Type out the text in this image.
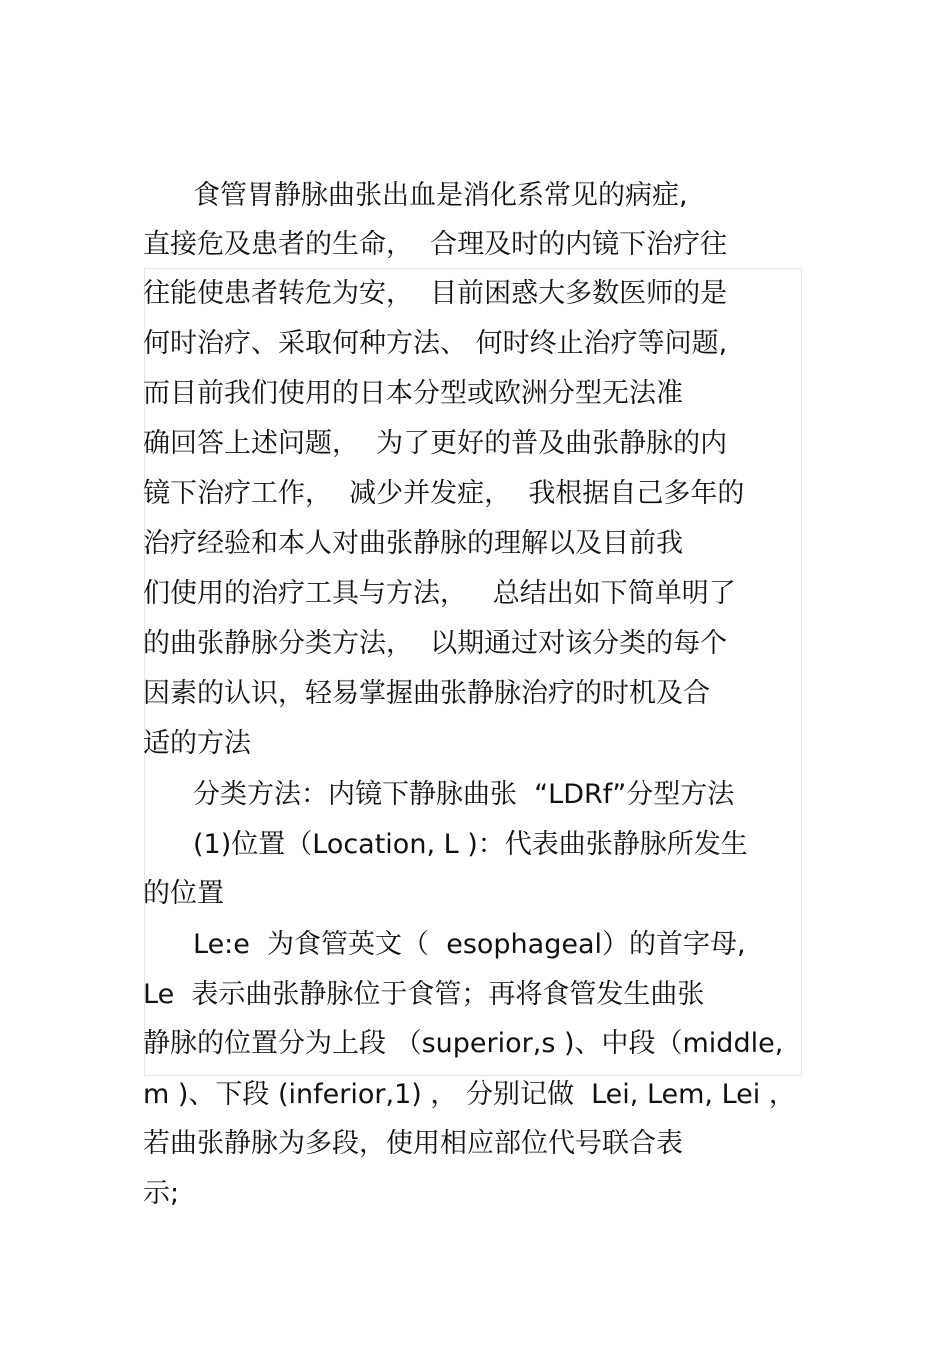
食管胃静脉曲张出血是消化系常见的病症,
直接危及患者的生命，  合理及时的内镜下治疗往
往能使患者转危为安，  目前困惑大多数医师的是
何时治疗、采取何种方法、 何时终止治疗等问题,
而目前我们使用的日本分型或欧洲分型无法准
确回答上述问题，  为了更好的普及曲张静脉的内
镜下治疗工作，  减少并发症，  我根据自己多年的
治疗经验和本人对曲张静脉的理解以及目前我
们使用的治疗工具与方法，   总结出如下简单明了
的曲张静脉分类方法，  以期通过对该分类的每个
因素的认识，轻易掌握曲张静脉治疗的时机及合
适的方法
分类方法：内镜下静脉曲张  “LDRf”分型方法
(1)位置（Location, L )：代表曲张静脉所发生
的位置
Le:e  为食管英文（  esophageal）的首字母,
Le  表示曲张静脉位于食管；再将食管发生曲张
静脉的位置分为上段 （superior,s )、中段（middle,
m )、下段 (inferior,1) ， 分别记做  Lei, Lem, Lei ，
若曲张静脉为多段，使用相应部位代号联合表
示;
